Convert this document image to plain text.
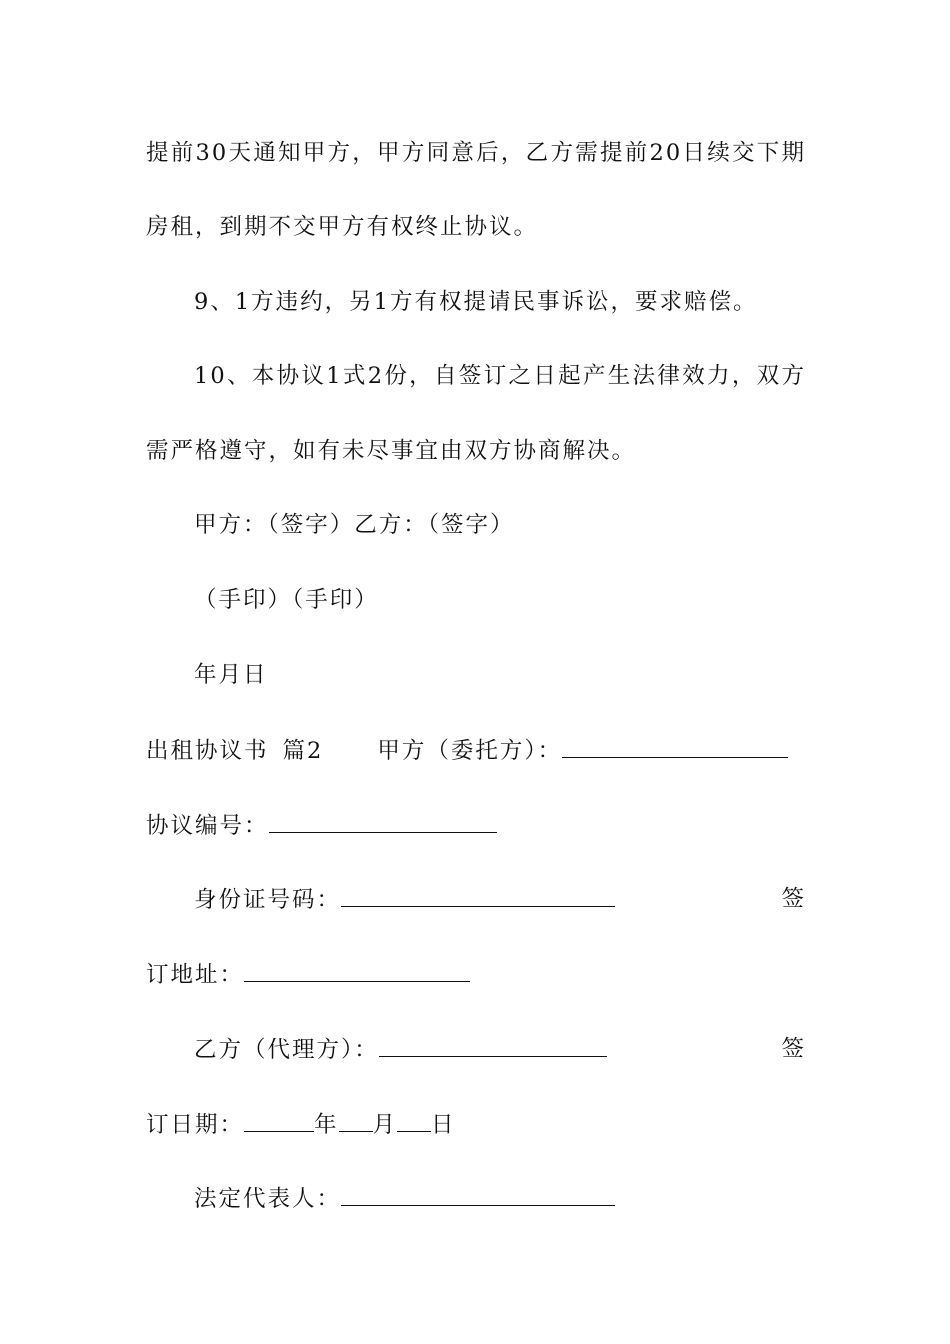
提前30天通知甲方，甲方同意后，乙方需提前20日续交下期
房租，到期不交甲方有权终止协议。
9、1方违约，另1方有权提请民事诉讼，要求赔偿。
10、本协议1式2份，自签订之日起产生法律效力，双方
需严格遵守，如有未尽事宜由双方协商解决。
甲方：（签字）乙方：（签字）
（手印）（手印）
年月日
出租协议书 篇2 甲方（委托方）：
协议编号：
身份证号码：	签
订地址：
乙方（代理方）：	签
订日期：	年 月 日
法定代表人：
